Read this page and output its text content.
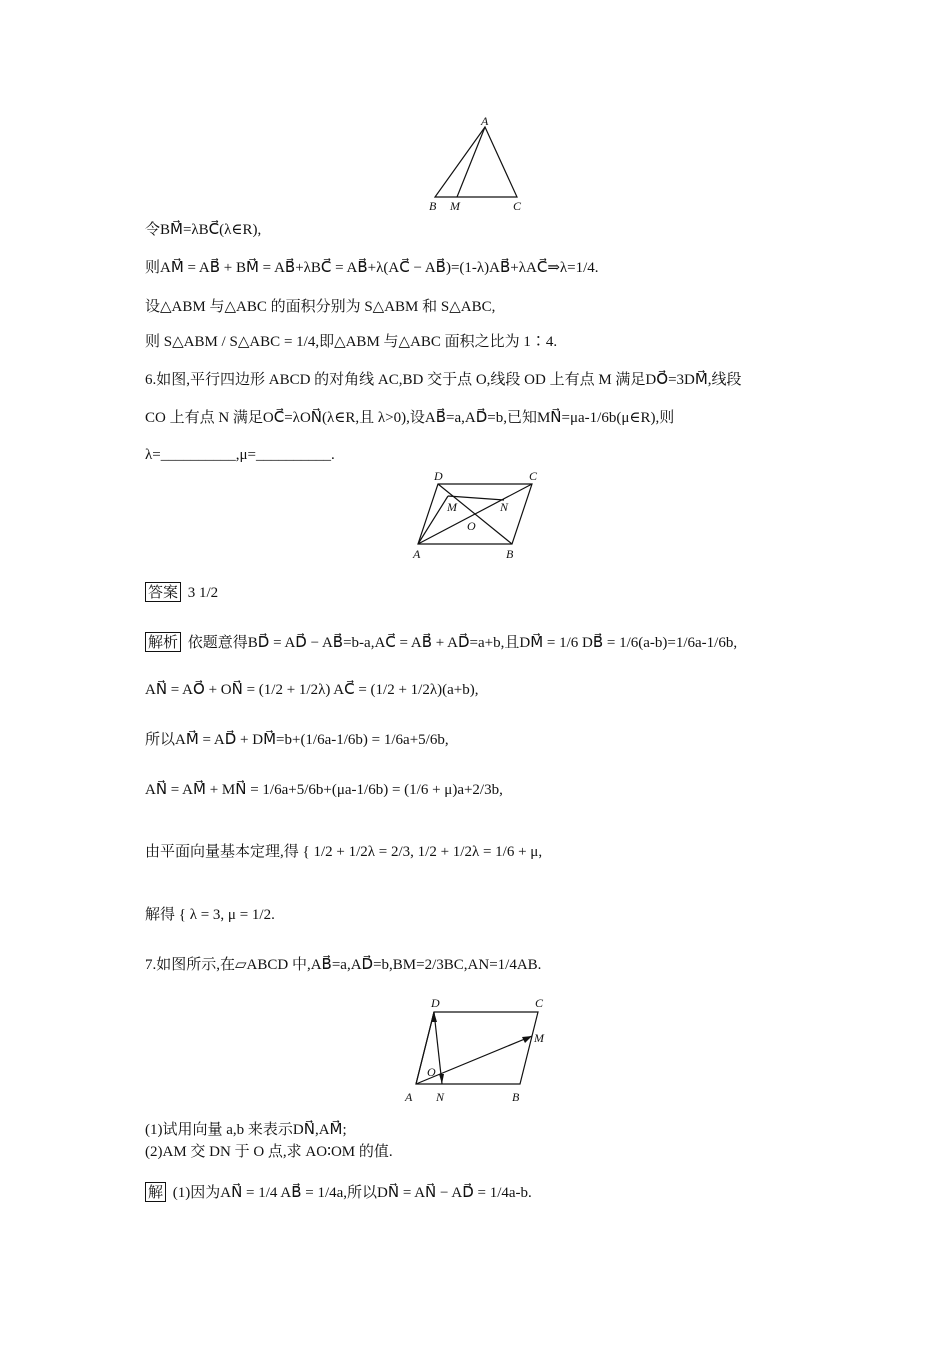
A
B M	C
令BM⃗=λBC⃗(λ∈R),
则AM⃗ = AB⃗ + BM⃗ = AB⃗+λBC⃗ = AB⃗+λ(AC⃗ − AB⃗)=(1-λ)AB⃗+λAC⃗⇒λ=1/4.
设△ABM 与△ABC 的面积分别为 S△ABM 和 S△ABC,
则 S△ABM / S△ABC = 1/4,即△ABM 与△ABC 面积之比为 1∶4.
6.如图,平行四边形 ABCD 的对角线 AC,BD 交于点 O,线段 OD 上有点 M 满足DO⃗=3DM⃗,线段
CO 上有点 N 满足OC⃗=λON⃗(λ∈R,且 λ>0),设AB⃗=a,AD⃗=b,已知MN⃗=μa-1/6b(μ∈R),则
λ=__________,μ=__________.
D	C
M	N
O
A	B
答案 3 1/2
解析 依题意得BD⃗ = AD⃗ − AB⃗=b-a,AC⃗ = AB⃗ + AD⃗=a+b,且DM⃗ = 1/6 DB⃗ = 1/6(a-b)=1/6a-1/6b,
AN⃗ = AO⃗ + ON⃗ = (1/2 + 1/2λ) AC⃗ = (1/2 + 1/2λ)(a+b),
所以AM⃗ = AD⃗ + DM⃗=b+(1/6a-1/6b) = 1/6a+5/6b,
AN⃗ = AM⃗ + MN⃗ = 1/6a+5/6b+(μa-1/6b) = (1/6 + μ)a+2/3b,
由平面向量基本定理,得 { 1/2 + 1/2λ = 2/3, 1/2 + 1/2λ = 1/6 + μ,
解得 { λ = 3, μ = 1/2.
7.如图所示,在▱ABCD 中,AB⃗=a,AD⃗=b,BM=2/3BC,AN=1/4AB.
D	C
M
O
A N	B
(1)试用向量 a,b 来表示DN⃗,AM⃗;
(2)AM 交 DN 于 O 点,求 AO∶OM 的值.
解 (1)因为AN⃗ = 1/4 AB⃗ = 1/4a,所以DN⃗ = AN⃗ − AD⃗ = 1/4a-b.
